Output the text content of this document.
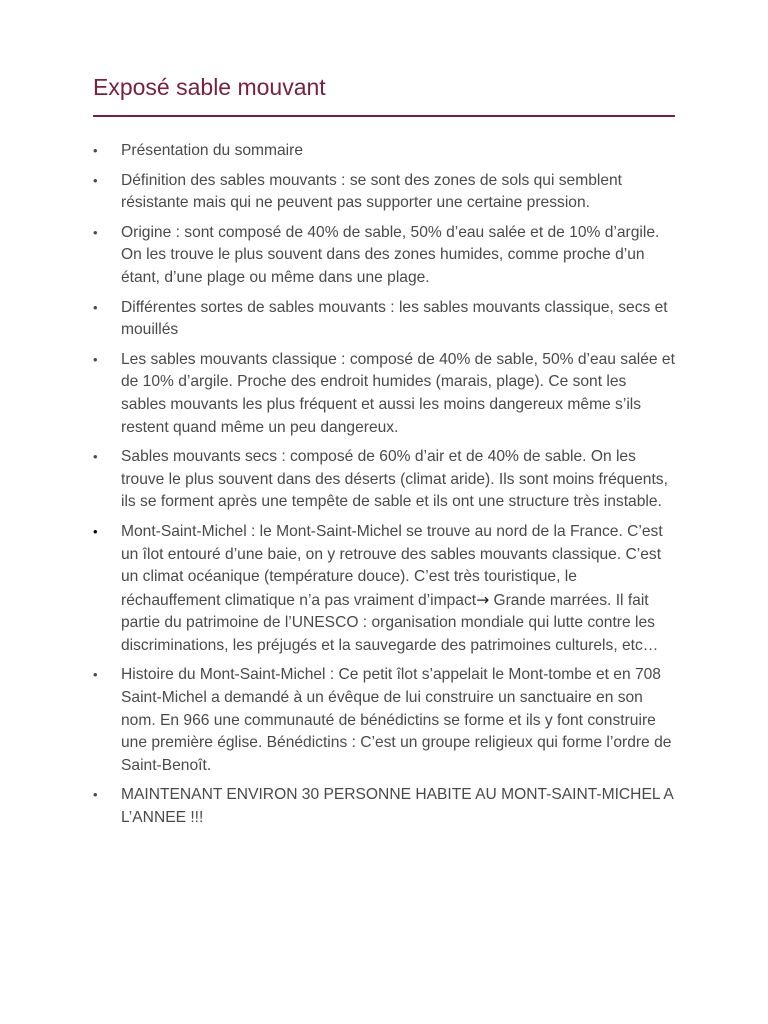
Exposé sable mouvant
•	Présentation du sommaire
•	Définition des sables mouvants : se sont des zones de sols qui semblent résistante mais qui ne peuvent pas supporter une certaine pression.
•	Origine : sont composé de 40% de sable, 50% d’eau salée et de 10% d’argile. On les trouve le plus souvent dans des zones humides, comme proche d’un étant, d’une plage ou même dans une plage.
•	Différentes sortes de sables mouvants : les sables mouvants classique, secs et mouillés
•	Les sables mouvants classique : composé de 40% de sable, 50% d’eau salée et de 10% d’argile. Proche des endroit humides (marais, plage). Ce sont les sables mouvants les plus fréquent et aussi les moins dangereux même s’ils restent quand même un peu dangereux.
•	Sables mouvants secs : composé de 60% d’air et de 40% de sable. On les trouve le plus souvent dans des déserts (climat aride). Ils sont moins fréquents, ils se forment après une tempête de sable et ils ont une structure très instable.
•	Mont-Saint-Michel : le Mont-Saint-Michel se trouve au nord de la France. C’est un îlot entouré d’une baie, on y retrouve des sables mouvants classique. C’est un climat océanique (température douce). C’est très touristique, le réchauffement climatique n’a pas vraiment d’impact→ Grande marrées. Il fait partie du patrimoine de l’UNESCO : organisation mondiale qui lutte contre les discriminations, les préjugés et la sauvegarde des patrimoines culturels, etc…
•	Histoire du Mont-Saint-Michel : Ce petit îlot s’appelait le Mont-tombe et en 708 Saint-Michel a demandé à un évêque de lui construire un sanctuaire en son nom. En 966 une communauté de bénédictins se forme et ils y font construire une première église. Bénédictins : C’est un groupe religieux qui forme l’ordre de Saint-Benoît.
•	MAINTENANT ENVIRON 30 PERSONNE HABITE AU MONT-SAINT-MICHEL A L’ANNEE !!!
